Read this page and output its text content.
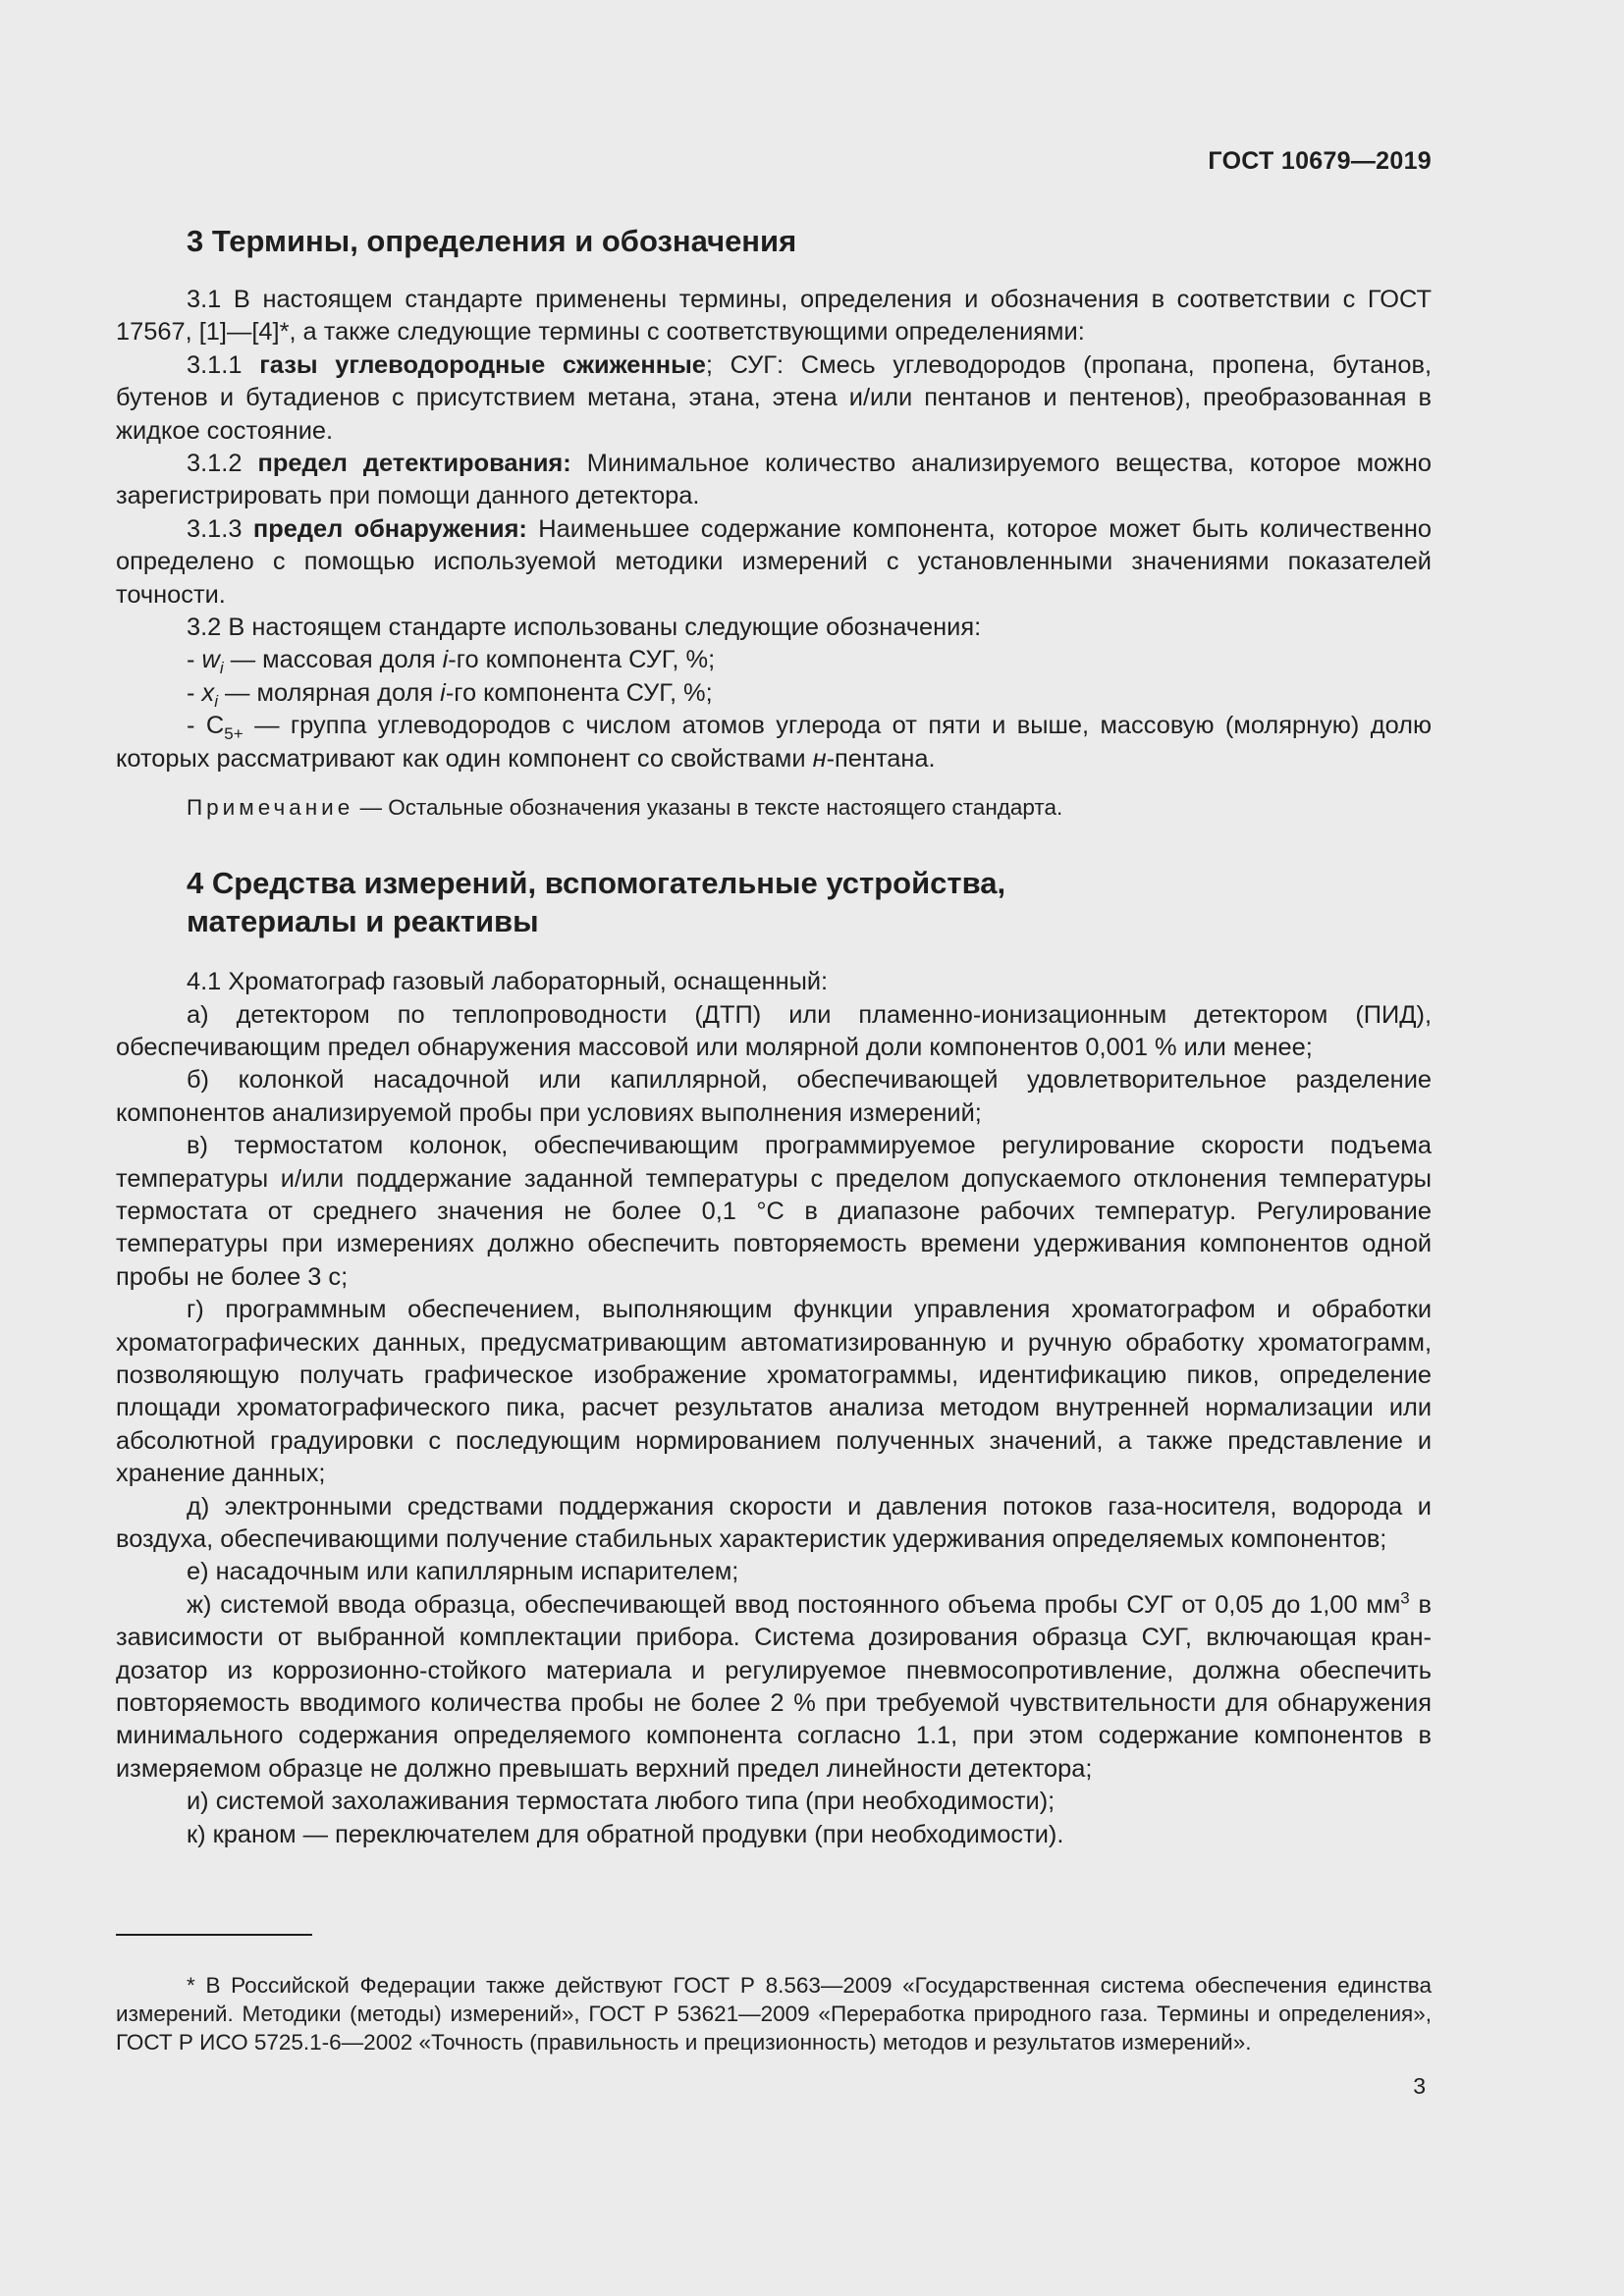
ГОСТ 10679—2019
3 Термины, определения и обозначения

3.1 В настоящем стандарте применены термины, определения и обозначения в соответствии с ГОСТ 17567, [1]—[4]*, а также следующие термины с соответствующими определениями:

3.1.1 газы углеводородные сжиженные; СУГ: Смесь углеводородов (пропана, пропена, бутанов, бутенов и бутадиенов с присутствием метана, этана, этена и/или пентанов и пентенов), преобразованная в жидкое состояние.

3.1.2 предел детектирования: Минимальное количество анализируемого вещества, которое можно зарегистрировать при помощи данного детектора.

3.1.3 предел обнаружения: Наименьшее содержание компонента, которое может быть количественно определено с помощью используемой методики измерений с установленными значениями показателей точности.

3.2 В настоящем стандарте использованы следующие обозначения:

- $w_i$ — массовая доля i-го компонента СУГ, %;

- $x_i$ — молярная доля i-го компонента СУГ, %;

- $C_{5+}$ — группа углеводородов с числом атомов углерода от пяти и выше, массовую (молярную) долю которых рассматривают как один компонент со свойствами н-пентана.

Примечание — Остальные обозначения указаны в тексте настоящего стандарта.

4 Средства измерений, вспомогательные устройства,
материалы и реактивы

4.1 Хроматограф газовый лабораторный, оснащенный:

а) детектором по теплопроводности (ДТП) или пламенно-ионизационным детектором (ПИД), обеспечивающим предел обнаружения массовой или молярной доли компонентов 0,001 % или менее;

б) колонкой насадочной или капиллярной, обеспечивающей удовлетворительное разделение компонентов анализируемой пробы при условиях выполнения измерений;

в) термостатом колонок, обеспечивающим программируемое регулирование скорости подъема температуры и/или поддержание заданной температуры с пределом допускаемого отклонения температуры термостата от среднего значения не более 0,1 °С в диапазоне рабочих температур. Регулирование температуры при измерениях должно обеспечить повторяемость времени удерживания компонентов одной пробы не более 3 с;

г) программным обеспечением, выполняющим функции управления хроматографом и обработки хроматографических данных, предусматривающим автоматизированную и ручную обработку хроматограмм, позволяющую получать графическое изображение хроматограммы, идентификацию пиков, определение площади хроматографического пика, расчет результатов анализа методом внутренней нормализации или абсолютной градуировки с последующим нормированием полученных значений, а также представление и хранение данных;

д) электронными средствами поддержания скорости и давления потоков газа-носителя, водорода и воздуха, обеспечивающими получение стабильных характеристик удерживания определяемых компонентов;

е) насадочным или капиллярным испарителем;

ж) системой ввода образца, обеспечивающей ввод постоянного объема пробы СУГ от 0,05 до 1,00 $мм^3$ в зависимости от выбранной комплектации прибора. Система дозирования образца СУГ, включающая кран-дозатор из коррозионно-стойкого материала и регулируемое пневмосопротивление, должна обеспечить повторяемость вводимого количества пробы не более 2 % при требуемой чувствительности для обнаружения минимального содержания определяемого компонента согласно 1.1, при этом содержание компонентов в измеряемом образце не должно превышать верхний предел линейности детектора;

и) системой захолаживания термостата любого типа (при необходимости);

к) краном — переключателем для обратной продувки (при необходимости).

* В Российской Федерации также действуют ГОСТ Р 8.563—2009 «Государственная система обеспечения единства измерений. Методики (методы) измерений», ГОСТ Р 53621—2009 «Переработка природного газа. Термины и определения», ГОСТ Р ИСО 5725.1-6—2002 «Точность (правильность и прецизионность) методов и результатов измерений».

3
